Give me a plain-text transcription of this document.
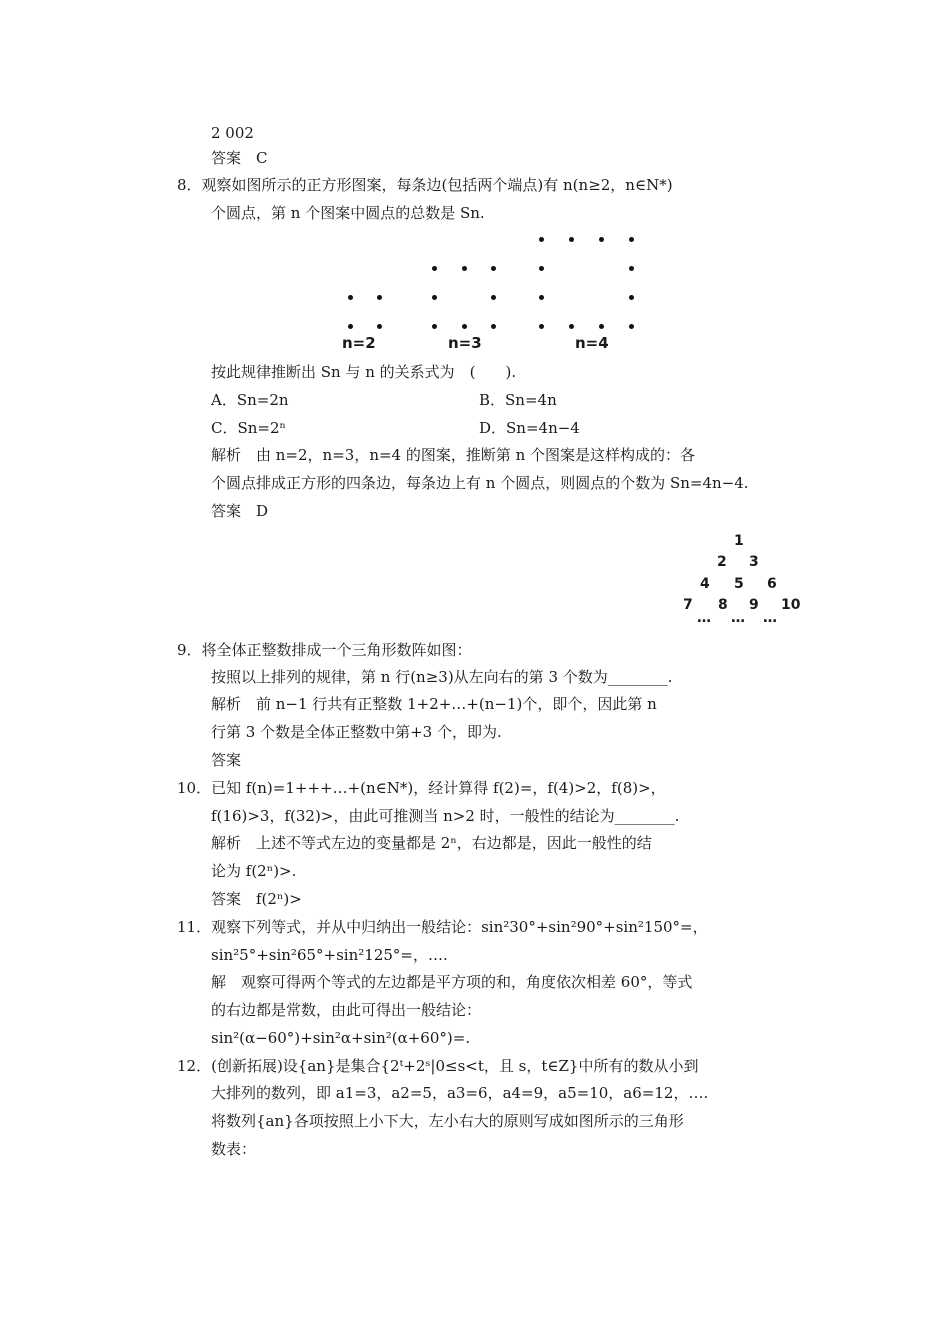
2 002
答案　C
8．观察如图所示的正方形图案，每条边(包括两个端点)有 n(n≥2，n∈N*)
个圆点，第 n 个图案中圆点的总数是 Sn.
n=2	n=3	n=4
按此规律推断出 Sn 与 n 的关系式为　(　　).
A．Sn=2n	B．Sn=4n
C．Sn=2ⁿ	D．Sn=4n−4
解析　由 n=2，n=3，n=4 的图案，推断第 n 个图案是这样构成的：各
个圆点排成正方形的四条边，每条边上有 n 个圆点，则圆点的个数为 Sn=4n−4.
答案　D
1
2 3
4 5 6
7 8 9 10
… … …
9．将全体正整数排成一个三角形数阵如图：
按照以上排列的规律，第 n 行(n≥3)从左向右的第 3 个数为________.
解析　前 n−1 行共有正整数 1+2+…+(n−1)个，即个，因此第 n
行第 3 个数是全体正整数中第+3 个，即为.
答案
10．已知 f(n)=1+++…+(n∈N*)，经计算得 f(2)=，f(4)>2，f(8)>，
f(16)>3，f(32)>，由此可推测当 n>2 时，一般性的结论为________.
解析　上述不等式左边的变量都是 2ⁿ，右边都是，因此一般性的结
论为 f(2ⁿ)>.
答案　f(2ⁿ)>
11．观察下列等式，并从中归纳出一般结论：sin²30°+sin²90°+sin²150°=，
sin²5°+sin²65°+sin²125°=，….
解　观察可得两个等式的左边都是平方项的和，角度依次相差 60°，等式
的右边都是常数，由此可得出一般结论：
sin²(α−60°)+sin²α+sin²(α+60°)=.
12．(创新拓展)设{an}是集合{2ᵗ+2ˢ|0≤s<t，且 s，t∈Z}中所有的数从小到
大排列的数列，即 a1=3，a2=5，a3=6，a4=9，a5=10，a6=12，….
将数列{an}各项按照上小下大，左小右大的原则写成如图所示的三角形
数表：
